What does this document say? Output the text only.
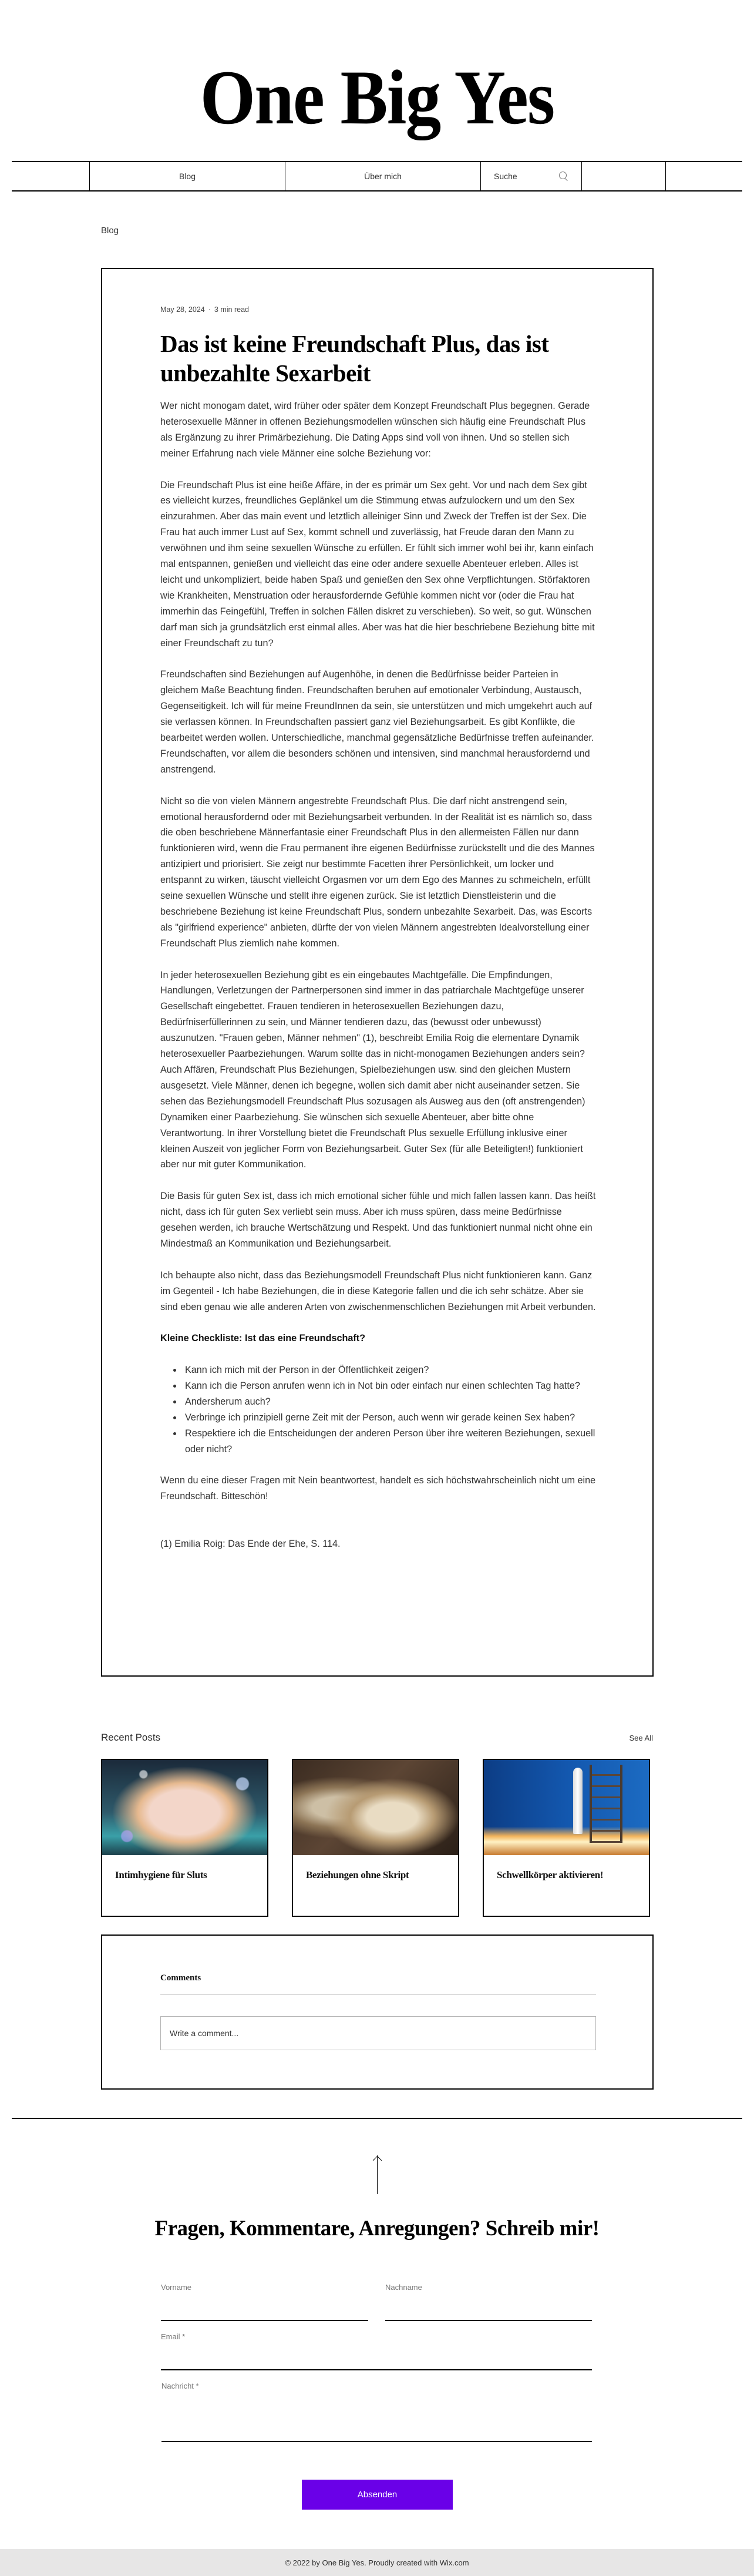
One Big Yes
Blog	Über mich	Suche
Blog
May 28, 2024 · 3 min read
Das ist keine Freundschaft Plus, das ist unbezahlte Sexarbeit

Wer nicht monogam datet, wird früher oder später dem Konzept Freundschaft Plus begegnen. Gerade heterosexuelle Männer in offenen Beziehungsmodellen wünschen sich häufig eine Freundschaft Plus als Ergänzung zu ihrer Primärbeziehung. Die Dating Apps sind voll von ihnen. Und so stellen sich meiner Erfahrung nach viele Männer eine solche Beziehung vor:

Die Freundschaft Plus ist eine heiße Affäre, in der es primär um Sex geht. Vor und nach dem Sex gibt es vielleicht kurzes, freundliches Geplänkel um die Stimmung etwas aufzulockern und um den Sex einzurahmen. Aber das main event und letztlich alleiniger Sinn und Zweck der Treffen ist der Sex. Die Frau hat auch immer Lust auf Sex, kommt schnell und zuverlässig, hat Freude daran den Mann zu verwöhnen und ihm seine sexuellen Wünsche zu erfüllen. Er fühlt sich immer wohl bei ihr, kann einfach mal entspannen, genießen und vielleicht das eine oder andere sexuelle Abenteuer erleben. Alles ist leicht und unkompliziert, beide haben Spaß und genießen den Sex ohne Verpflichtungen. Störfaktoren wie Krankheiten, Menstruation oder herausfordernde Gefühle kommen nicht vor (oder die Frau hat immerhin das Feingefühl, Treffen in solchen Fällen diskret zu verschieben). So weit, so gut. Wünschen darf man sich ja grundsätzlich erst einmal alles. Aber was hat die hier beschriebene Beziehung bitte mit einer Freundschaft zu tun?

Freundschaften sind Beziehungen auf Augenhöhe, in denen die Bedürfnisse beider Parteien in gleichem Maße Beachtung finden. Freundschaften beruhen auf emotionaler Verbindung, Austausch, Gegenseitigkeit. Ich will für meine FreundInnen da sein, sie unterstützen und mich umgekehrt auch auf sie verlassen können. In Freundschaften passiert ganz viel Beziehungsarbeit. Es gibt Konflikte, die bearbeitet werden wollen. Unterschiedliche, manchmal gegensätzliche Bedürfnisse treffen aufeinander. Freundschaften, vor allem die besonders schönen und intensiven, sind manchmal herausfordernd und anstrengend.

Nicht so die von vielen Männern angestrebte Freundschaft Plus. Die darf nicht anstrengend sein, emotional herausfordernd oder mit Beziehungsarbeit verbunden. In der Realität ist es nämlich so, dass die oben beschriebene Männerfantasie einer Freundschaft Plus in den allermeisten Fällen nur dann funktionieren wird, wenn die Frau permanent ihre eigenen Bedürfnisse zurückstellt und die des Mannes antizipiert und priorisiert. Sie zeigt nur bestimmte Facetten ihrer Persönlichkeit, um locker und entspannt zu wirken, täuscht vielleicht Orgasmen vor um dem Ego des Mannes zu schmeicheln, erfüllt seine sexuellen Wünsche und stellt ihre eigenen zurück. Sie ist letztlich Dienstleisterin und die beschriebene Beziehung ist keine Freundschaft Plus, sondern unbezahlte Sexarbeit. Das, was Escorts als "girlfriend experience" anbieten, dürfte der von vielen Männern angestrebten Idealvorstellung einer Freundschaft Plus ziemlich nahe kommen.

In jeder heterosexuellen Beziehung gibt es ein eingebautes Machtgefälle. Die Empfindungen, Handlungen, Verletzungen der Partnerpersonen sind immer in das patriarchale Machtgefüge unserer Gesellschaft eingebettet. Frauen tendieren in heterosexuellen Beziehungen dazu, Bedürfniserfüllerinnen zu sein, und Männer tendieren dazu, das (bewusst oder unbewusst) auszunutzen. "Frauen geben, Männer nehmen" (1), beschreibt Emilia Roig die elementare Dynamik heterosexueller Paarbeziehungen. Warum sollte das in nicht-monogamen Beziehungen anders sein? Auch Affären, Freundschaft Plus Beziehungen, Spielbeziehungen usw. sind den gleichen Mustern ausgesetzt. Viele Männer, denen ich begegne, wollen sich damit aber nicht auseinander setzen. Sie sehen das Beziehungsmodell Freundschaft Plus sozusagen als Ausweg aus den (oft anstrengenden) Dynamiken einer Paarbeziehung. Sie wünschen sich sexuelle Abenteuer, aber bitte ohne Verantwortung. In ihrer Vorstellung bietet die Freundschaft Plus sexuelle Erfüllung inklusive einer kleinen Auszeit von jeglicher Form von Beziehungsarbeit. Guter Sex (für alle Beteiligten!) funktioniert aber nur mit guter Kommunikation.

Die Basis für guten Sex ist, dass ich mich emotional sicher fühle und mich fallen lassen kann. Das heißt nicht, dass ich für guten Sex verliebt sein muss. Aber ich muss spüren, dass meine Bedürfnisse gesehen werden, ich brauche Wertschätzung und Respekt. Und das funktioniert nunmal nicht ohne ein Mindestmaß an Kommunikation und Beziehungsarbeit.

Ich behaupte also nicht, dass das Beziehungsmodell Freundschaft Plus nicht funktionieren kann. Ganz im Gegenteil - Ich habe Beziehungen, die in diese Kategorie fallen und die ich sehr schätze. Aber sie sind eben genau wie alle anderen Arten von zwischenmenschlichen Beziehungen mit Arbeit verbunden.

Kleine Checkliste: Ist das eine Freundschaft?
• Kann ich mich mit der Person in der Öffentlichkeit zeigen?
• Kann ich die Person anrufen wenn ich in Not bin oder einfach nur einen schlechten Tag hatte?
• Andersherum auch?
• Verbringe ich prinzipiell gerne Zeit mit der Person, auch wenn wir gerade keinen Sex haben?
• Respektiere ich die Entscheidungen der anderen Person über ihre weiteren Beziehungen, sexuell oder nicht?

Wenn du eine dieser Fragen mit Nein beantwortest, handelt es sich höchstwahrscheinlich nicht um eine Freundschaft. Bitteschön!

(1) Emilia Roig: Das Ende der Ehe, S. 114.

Recent Posts	See All
Intimhygiene für Sluts	Beziehungen ohne Skript	Schwellkörper aktivieren!
Comments
Write a comment...
Fragen, Kommentare, Anregungen? Schreib mir!
Vorname	Nachname
Email *
Nachricht *
Absenden
© 2022 by One Big Yes. Proudly created with Wix.com
